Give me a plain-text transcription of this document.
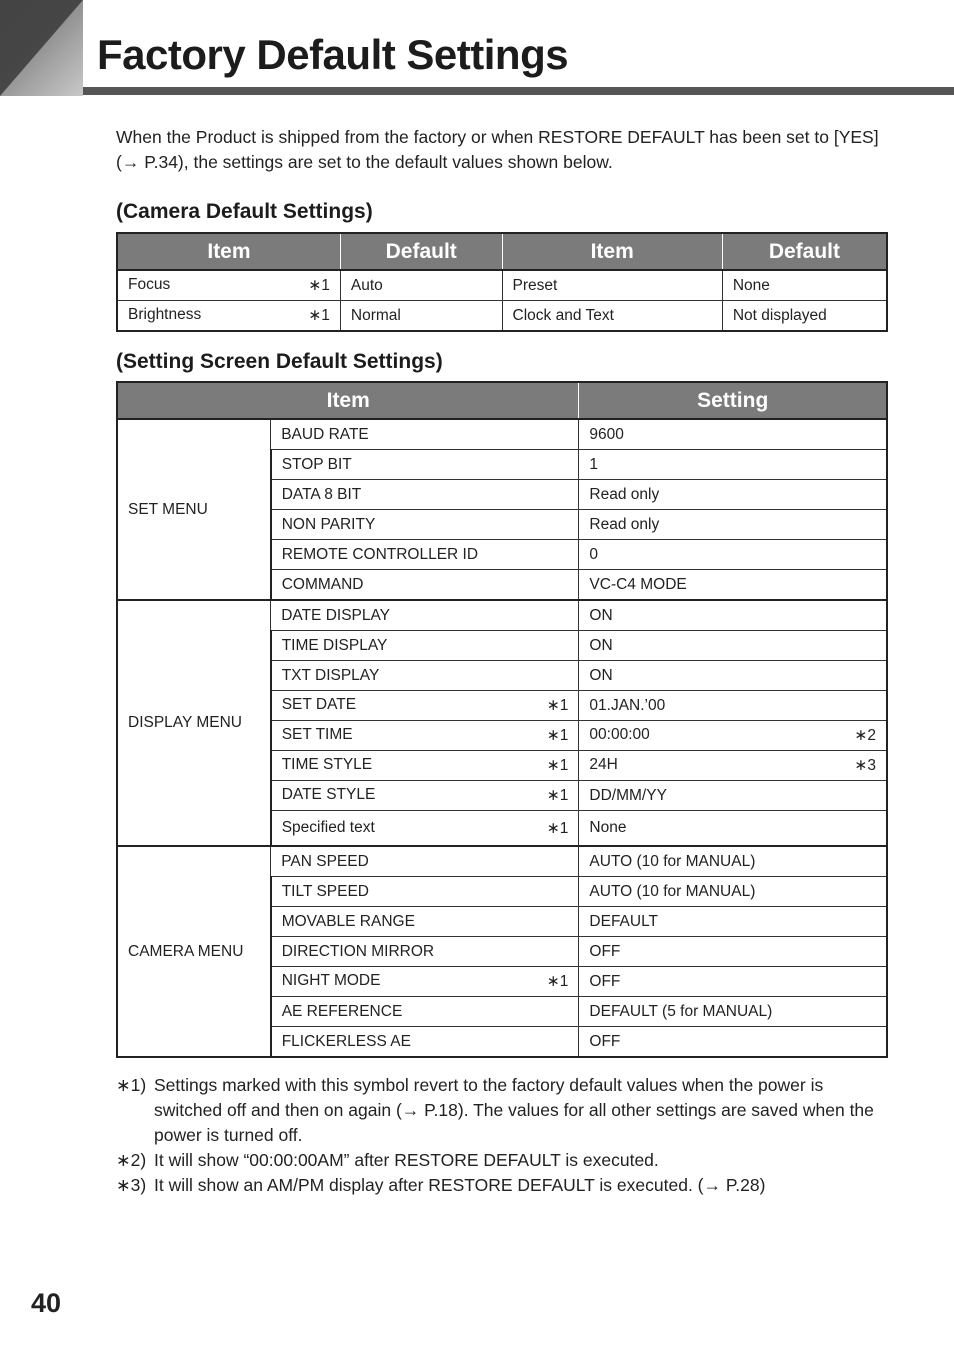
Factory Default Settings

When the Product is shipped from the factory or when RESTORE DEFAULT has been set to [YES] (→ P.34), the settings are set to the default values shown below.

(Camera Default Settings)
Item	Default	Item	Default
Focus ∗1	Auto	Preset	None
Brightness ∗1	Normal	Clock and Text	Not displayed
(Setting Screen Default Settings)
Item		Setting
SET MENU	BAUD RATE	9600

	STOP BIT	1

	DATA 8 BIT	Read only

	NON PARITY	Read only

	REMOTE CONTROLLER ID	0

	COMMAND	VC-C4 MODE

DISPLAY MENU	DATE DISPLAY	ON

	TIME DISPLAY	ON

	TXT DISPLAY	ON

	SET DATE ∗1	01.JAN.’00

	SET TIME ∗1	00:00:00 ∗2

	TIME STYLE ∗1	24H ∗3

	DATE STYLE ∗1	DD/MM/YY

	Specified text ∗1	None

CAMERA MENU	PAN SPEED	AUTO (10 for MANUAL)

	TILT SPEED	AUTO (10 for MANUAL)

	MOVABLE RANGE	DEFAULT

	DIRECTION MIRROR	OFF

	NIGHT MODE ∗1	OFF

	AE REFERENCE	DEFAULT (5 for MANUAL)

	FLICKERLESS AE	OFF
∗1) Settings marked with this symbol revert to the factory default values when the power is switched off and then on again (→ P.18). The values for all other settings are saved when the power is turned off.
∗2) It will show “00:00:00AM” after RESTORE DEFAULT is executed.
∗3) It will show an AM/PM display after RESTORE DEFAULT is executed. (→ P.28)
40
